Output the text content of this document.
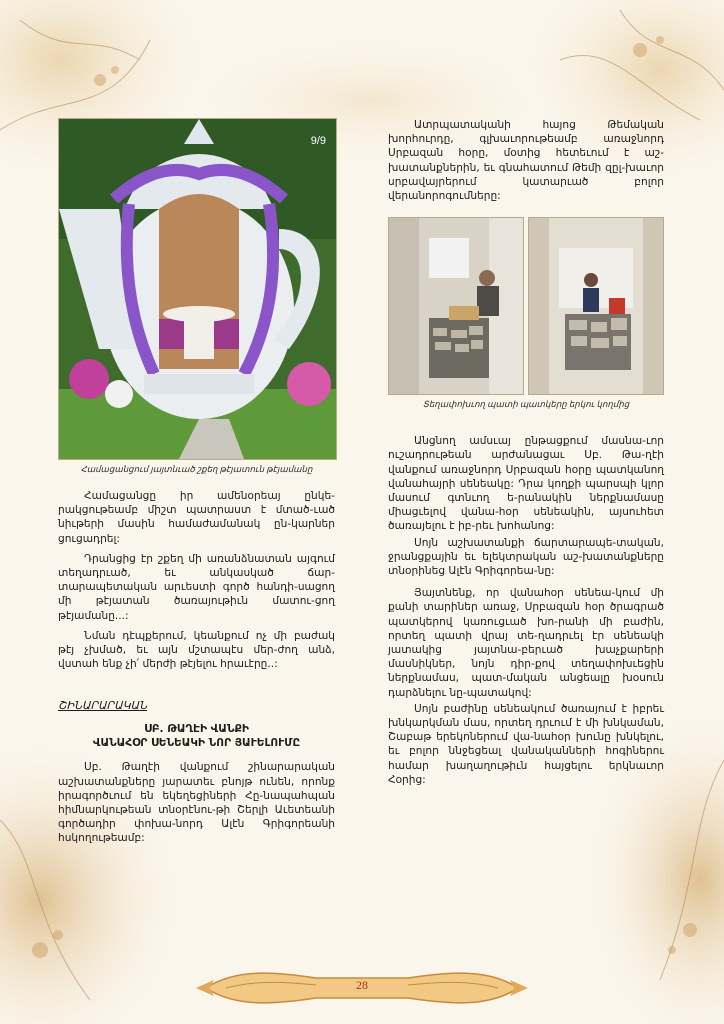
9/9
Համացանցում յայտնւած շքեղ թէյատուն թէյամանը

Համացանցը իր ամենօրեայ ընկե-րակցութեամբ միշտ պատրաստ է մտած-ւած նիւթերի մասին համաժամանակ ըն-կարներ ցուցադրել:

Դրանցից էր շքեղ մի առանձնատան այգում տեղադրւած, եւ անկասկած ճար-տարապետական արւեստի գործ հանդի-սացող մի թէյատան ծառայութիւն մատու-ցող թէյամանը...:

Նման դէպքերում, կեանքում ոչ մի բաժակ թէյ չխմած, եւ այն մշտապէս մեր-ժող անձ, վստահ ենք չի՛ մերժի թէյելու հրաւէրը..:

ՇԻՆԱՐԱՐԱԿԱՆ
ՍԲ. ԹԱՂԷԻ ՎԱՆՔԻ
ՎԱՆԱՀՕՐ ՍԵՆԵԱԿԻ ՆՈՐ ՅԱՒԵԼՈՒՄԸ

Սբ. Թաղէի վանքում շինարարական աշխատանքները յարատեւ բնոյթ ունեն, որոնք իրագործւում են եկեղեցիների Հը-նապահպան հիմնարկութեան տնօրէնու-թի Շերլի Աւետեանի գործադիր փոխա-նորդ Ալէն Գրիգորեանի հսկողութեամբ:

Ատրպատականի հայոց Թեմական խորհուրդը, գլխաւորութեամբ առաջնորդ Սրբազան հօրը, մօտից հետեւում է աշ-խատանքներին, եւ գնահատում Թեմի զըլ-խաւոր սրբավայրերում կատարւած բոլոր վերանորոգումները:

Տեղափոխւող պատի պատկերը երկու կողմից

Անցնող ամսւայ ընթացքում մասնա-ւոր ուշադրութեան արժանացաւ Սբ. Թա-ղէի վանքում առաջնորդ Սրբազան հօրը պատկանող վանահայրի սենեակը: Դրա կողքի պարսպի կլոր մասում գտնւող ե-րանակին ներքնամասը միացւելով վանա-հօր սենեակին, այսուհետ ծառայելու է իբ-րեւ խոհանոց:

Սոյն աշխատանքի ճարտարապե-տական, ջրանցքային եւ ելեկտրական աշ-խատանքները տնօրինեց Ալէն Գրիգորեա-նը:

Յայտնենք, որ վանահօր սենեա-կում մի քանի տարիներ առաջ, Սրբազան հօր ծրագրած պատկերով կառուցւած խո-րանի մի բաժին, որտեղ պատի վրայ տե-ղադրւել էր սենեակի յատակից յայտնա-բերւած խաչքարերի մասնիկներ, նոյն դիր-քով տեղափոխւեցին ներքնամաս, պատ-մական անցեալը խօսուն դարձնելու նը-պատակով:

Սոյն բաժինը սենեակում ծառայում է իբրեւ խնկարկման մաս, որտեղ դրւում է մի խնկաման, Շաբաթ երեկոներում վա-նահօր խունը խնկելու, եւ բոլոր ննջեցեալ վանականների հոգիներու համար խաղաղութիւն հայցելու երկնաւոր Հօրից:

28
